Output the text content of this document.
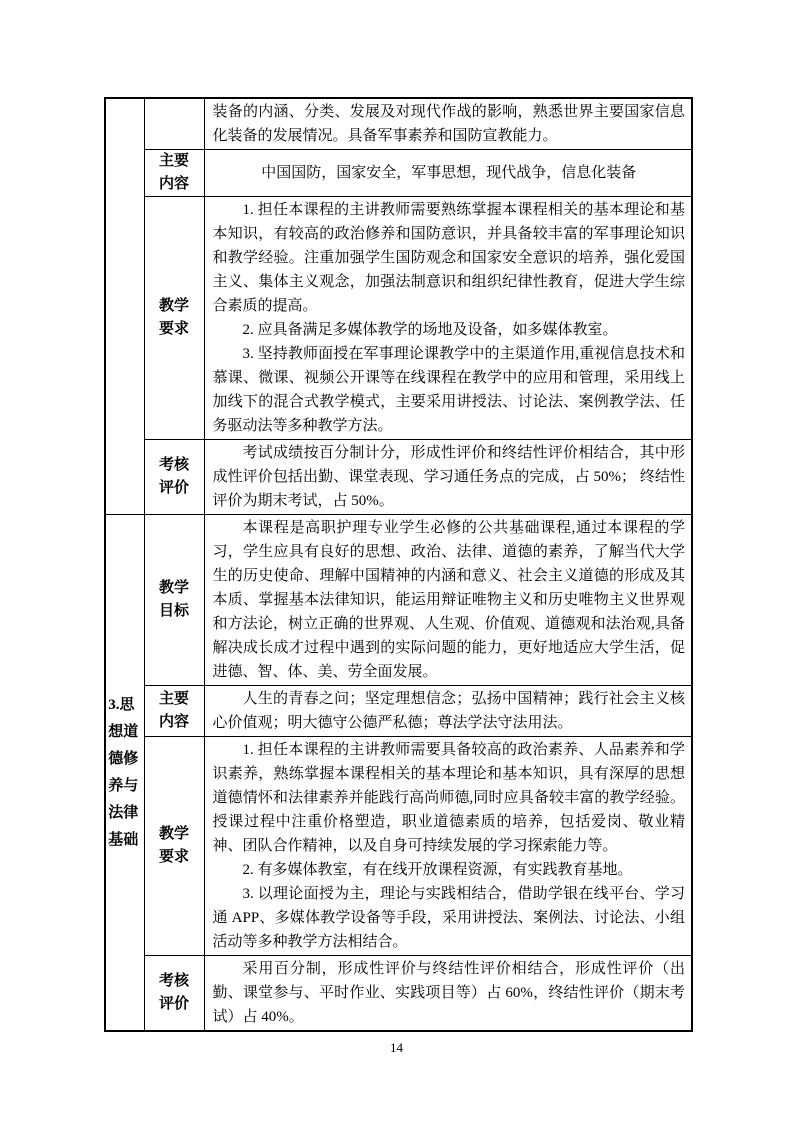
		装备的内涵、分类、发展及对现代作战的影响，熟悉世界主要国家信息化装备的发展情况。具备军事素养和国防宣教能力。

	主要内容	中国国防，国家安全，军事思想，现代战争，信息化装备

	教学要求	1. 担任本课程的主讲教师需要熟练掌握本课程相关的基本理论和基本知识，有较高的政治修养和国防意识，并具备较丰富的军事理论知识和教学经验。注重加强学生国防观念和国家安全意识的培养，强化爱国主义、集体主义观念，加强法制意识和组织纪律性教育，促进大学生综合素质的提高。

2. 应具备满足多媒体教学的场地及设备，如多媒体教室。

3. 坚持教师面授在军事理论课教学中的主渠道作用,重视信息技术和慕课、微课、视频公开课等在线课程在教学中的应用和管理，采用线上加线下的混合式教学模式，主要采用讲授法、讨论法、案例教学法、任务驱动法等多种教学方法。

	考核评价	考试成绩按百分制计分，形成性评价和终结性评价相结合，其中形成性评价包括出勤、课堂表现、学习通任务点的完成，占 50%； 终结性评价为期末考试，占 50%。

3.思想道德修养与法律基础	教学目标	本课程是高职护理专业学生必修的公共基础课程,通过本课程的学习，学生应具有良好的思想、政治、法律、道德的素养，了解当代大学生的历史使命、理解中国精神的内涵和意义、社会主义道德的形成及其本质、掌握基本法律知识，能运用辩证唯物主义和历史唯物主义世界观和方法论，树立正确的世界观、人生观、价值观、道德观和法治观,具备解决成长成才过程中遇到的实际问题的能力，更好地适应大学生活，促进德、智、体、美、劳全面发展。

	主要内容	人生的青春之问；坚定理想信念；弘扬中国精神；践行社会主义核心价值观；明大德守公德严私德；尊法学法守法用法。

	教学要求	1. 担任本课程的主讲教师需要具备较高的政治素养、人品素养和学识素养，熟练掌握本课程相关的基本理论和基本知识，具有深厚的思想道德情怀和法律素养并能践行高尚师德,同时应具备较丰富的教学经验。授课过程中注重价格塑造，职业道德素质的培养，包括爱岗、敬业精神、团队合作精神，以及自身可持续发展的学习探索能力等。

2. 有多媒体教室，有在线开放课程资源，有实践教育基地。

3. 以理论面授为主，理论与实践相结合，借助学银在线平台、学习通 APP、多媒体教学设备等手段，采用讲授法、案例法、讨论法、小组活动等多种教学方法相结合。

	考核评价	采用百分制，形成性评价与终结性评价相结合，形成性评价（出勤、课堂参与、平时作业、实践项目等）占 60%，终结性评价（期末考试）占 40%。

14
